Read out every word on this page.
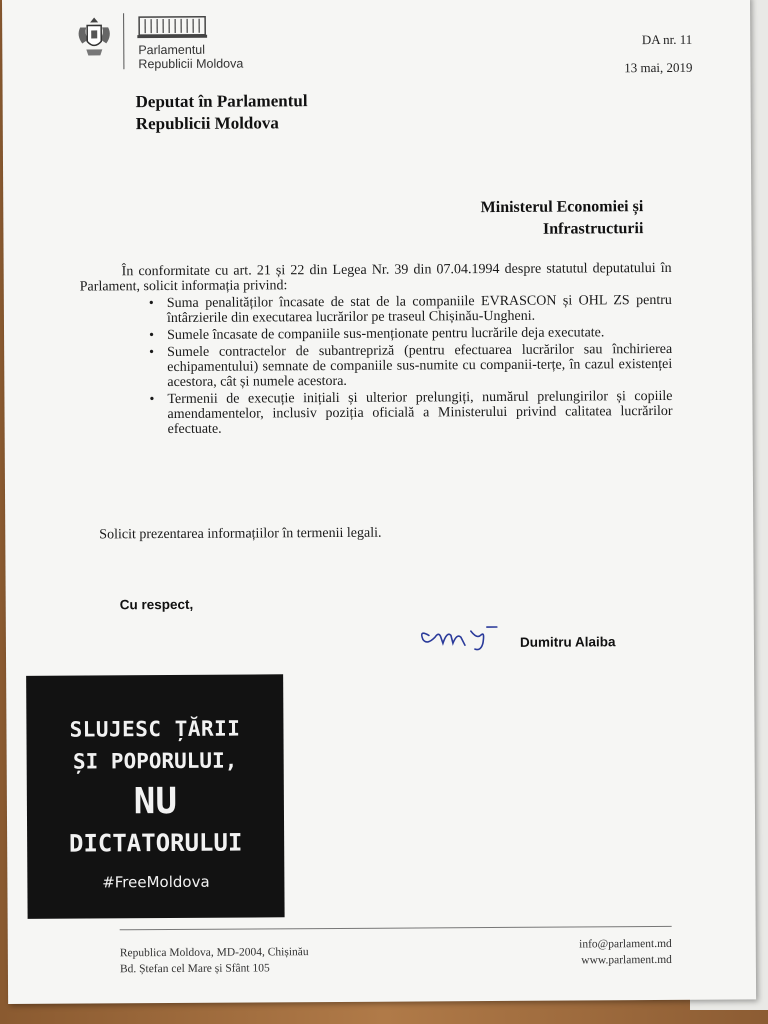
Parlamentul
Republicii Moldova
DA nr. 11
13 mai, 2019
Deputat în Parlamentul
Republicii Moldova
Ministerul Economiei și
Infrastructurii

În conformitate cu art. 21 și 22 din Legea Nr. 39 din 07.04.1994 despre statutul deputatului în Parlament, solicit informația privind:

• Suma penalităților încasate de stat de la companiile EVRASCON și OHL ZS pentru întârzierile din executarea lucrărilor pe traseul Chișinău-Ungheni.
• Sumele încasate de companiile sus-menționate pentru lucrările deja executate.
• Sumele contractelor de subantrepriză (pentru efectuarea lucrărilor sau închirierea echipamentului) semnate de companiile sus-numite cu companii-terțe, în cazul existenței acestora, cât și numele acestora.
• Termenii de execuție inițiali și ulterior prelungiți, numărul prelungirilor și copiile amendamentelor, inclusiv poziția oficială a Ministerului privind calitatea lucrărilor efectuate.
Solicit prezentarea informațiilor în termenii legali.
Cu respect,
Dumitru Alaiba
SLUJESC ȚĂRII
ȘI POPORULUI,
NU
DICTATORULUI
#FreeMoldova
Republica Moldova, MD-2004, Chișinău
Bd. Ștefan cel Mare și Sfânt 105
info@parlament.md
www.parlament.md
